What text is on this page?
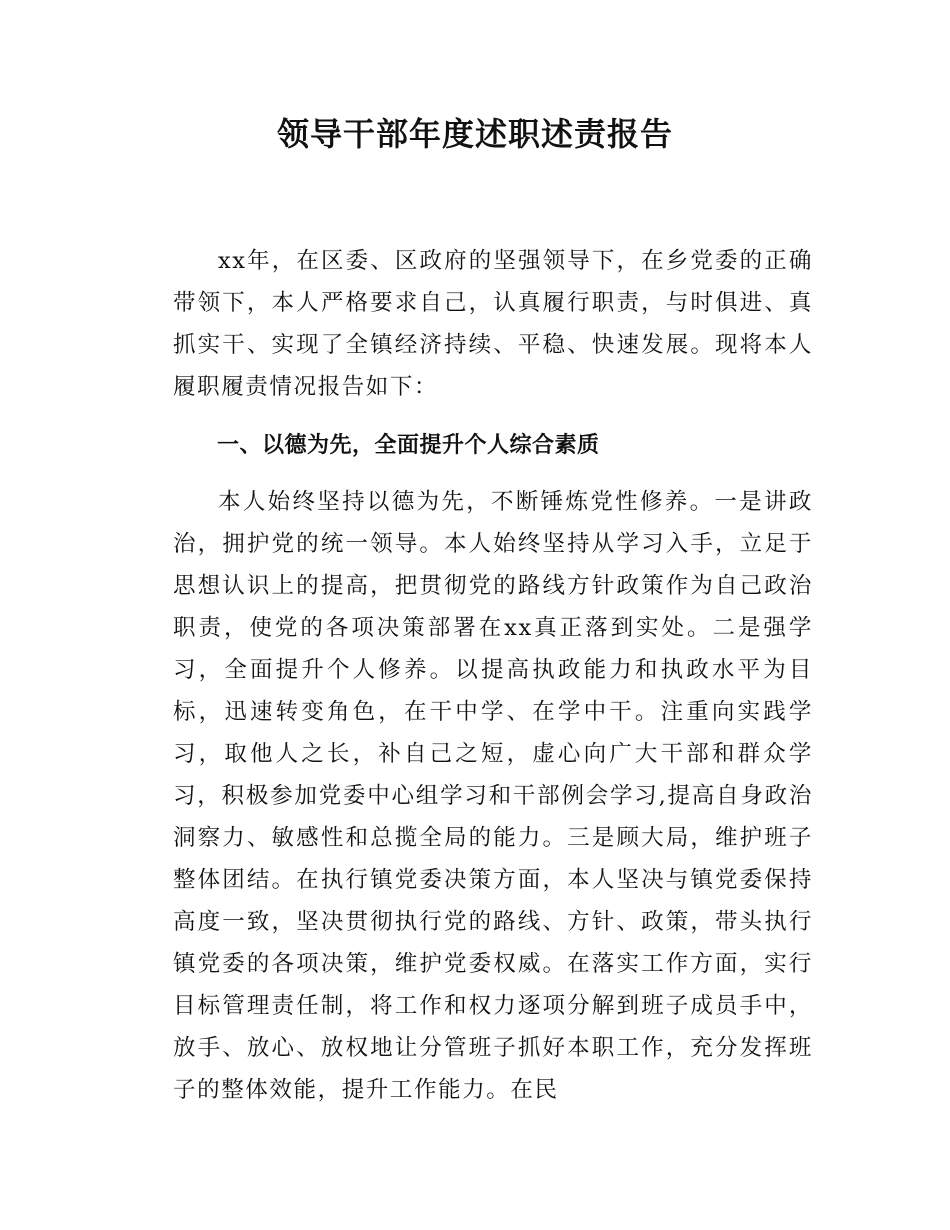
领导干部年度述职述责报告

xx年，在区委、区政府的坚强领导下，在乡党委的正确带领下，本人严格要求自己，认真履行职责，与时俱进、真抓实干、实现了全镇经济持续、平稳、快速发展。现将本人履职履责情况报告如下：

一、以德为先，全面提升个人综合素质

本人始终坚持以德为先，不断锤炼党性修养。一是讲政治，拥护党的统一领导。本人始终坚持从学习入手，立足于思想认识上的提高，把贯彻党的路线方针政策作为自己政治职责，使党的各项决策部署在xx真正落到实处。二是强学习，全面提升个人修养。以提高执政能力和执政水平为目标，迅速转变角色，在干中学、在学中干。注重向实践学习，取他人之长，补自己之短，虚心向广大干部和群众学习，积极参加党委中心组学习和干部例会学习,提高自身政治洞察力、敏感性和总揽全局的能力。三是顾大局，维护班子整体团结。在执行镇党委决策方面，本人坚决与镇党委保持高度一致，坚决贯彻执行党的路线、方针、政策，带头执行镇党委的各项决策，维护党委权威。在落实工作方面，实行目标管理责任制，将工作和权力逐项分解到班子成员手中，放手、放心、放权地让分管班子抓好本职工作，充分发挥班子的整体效能，提升工作能力。在民
